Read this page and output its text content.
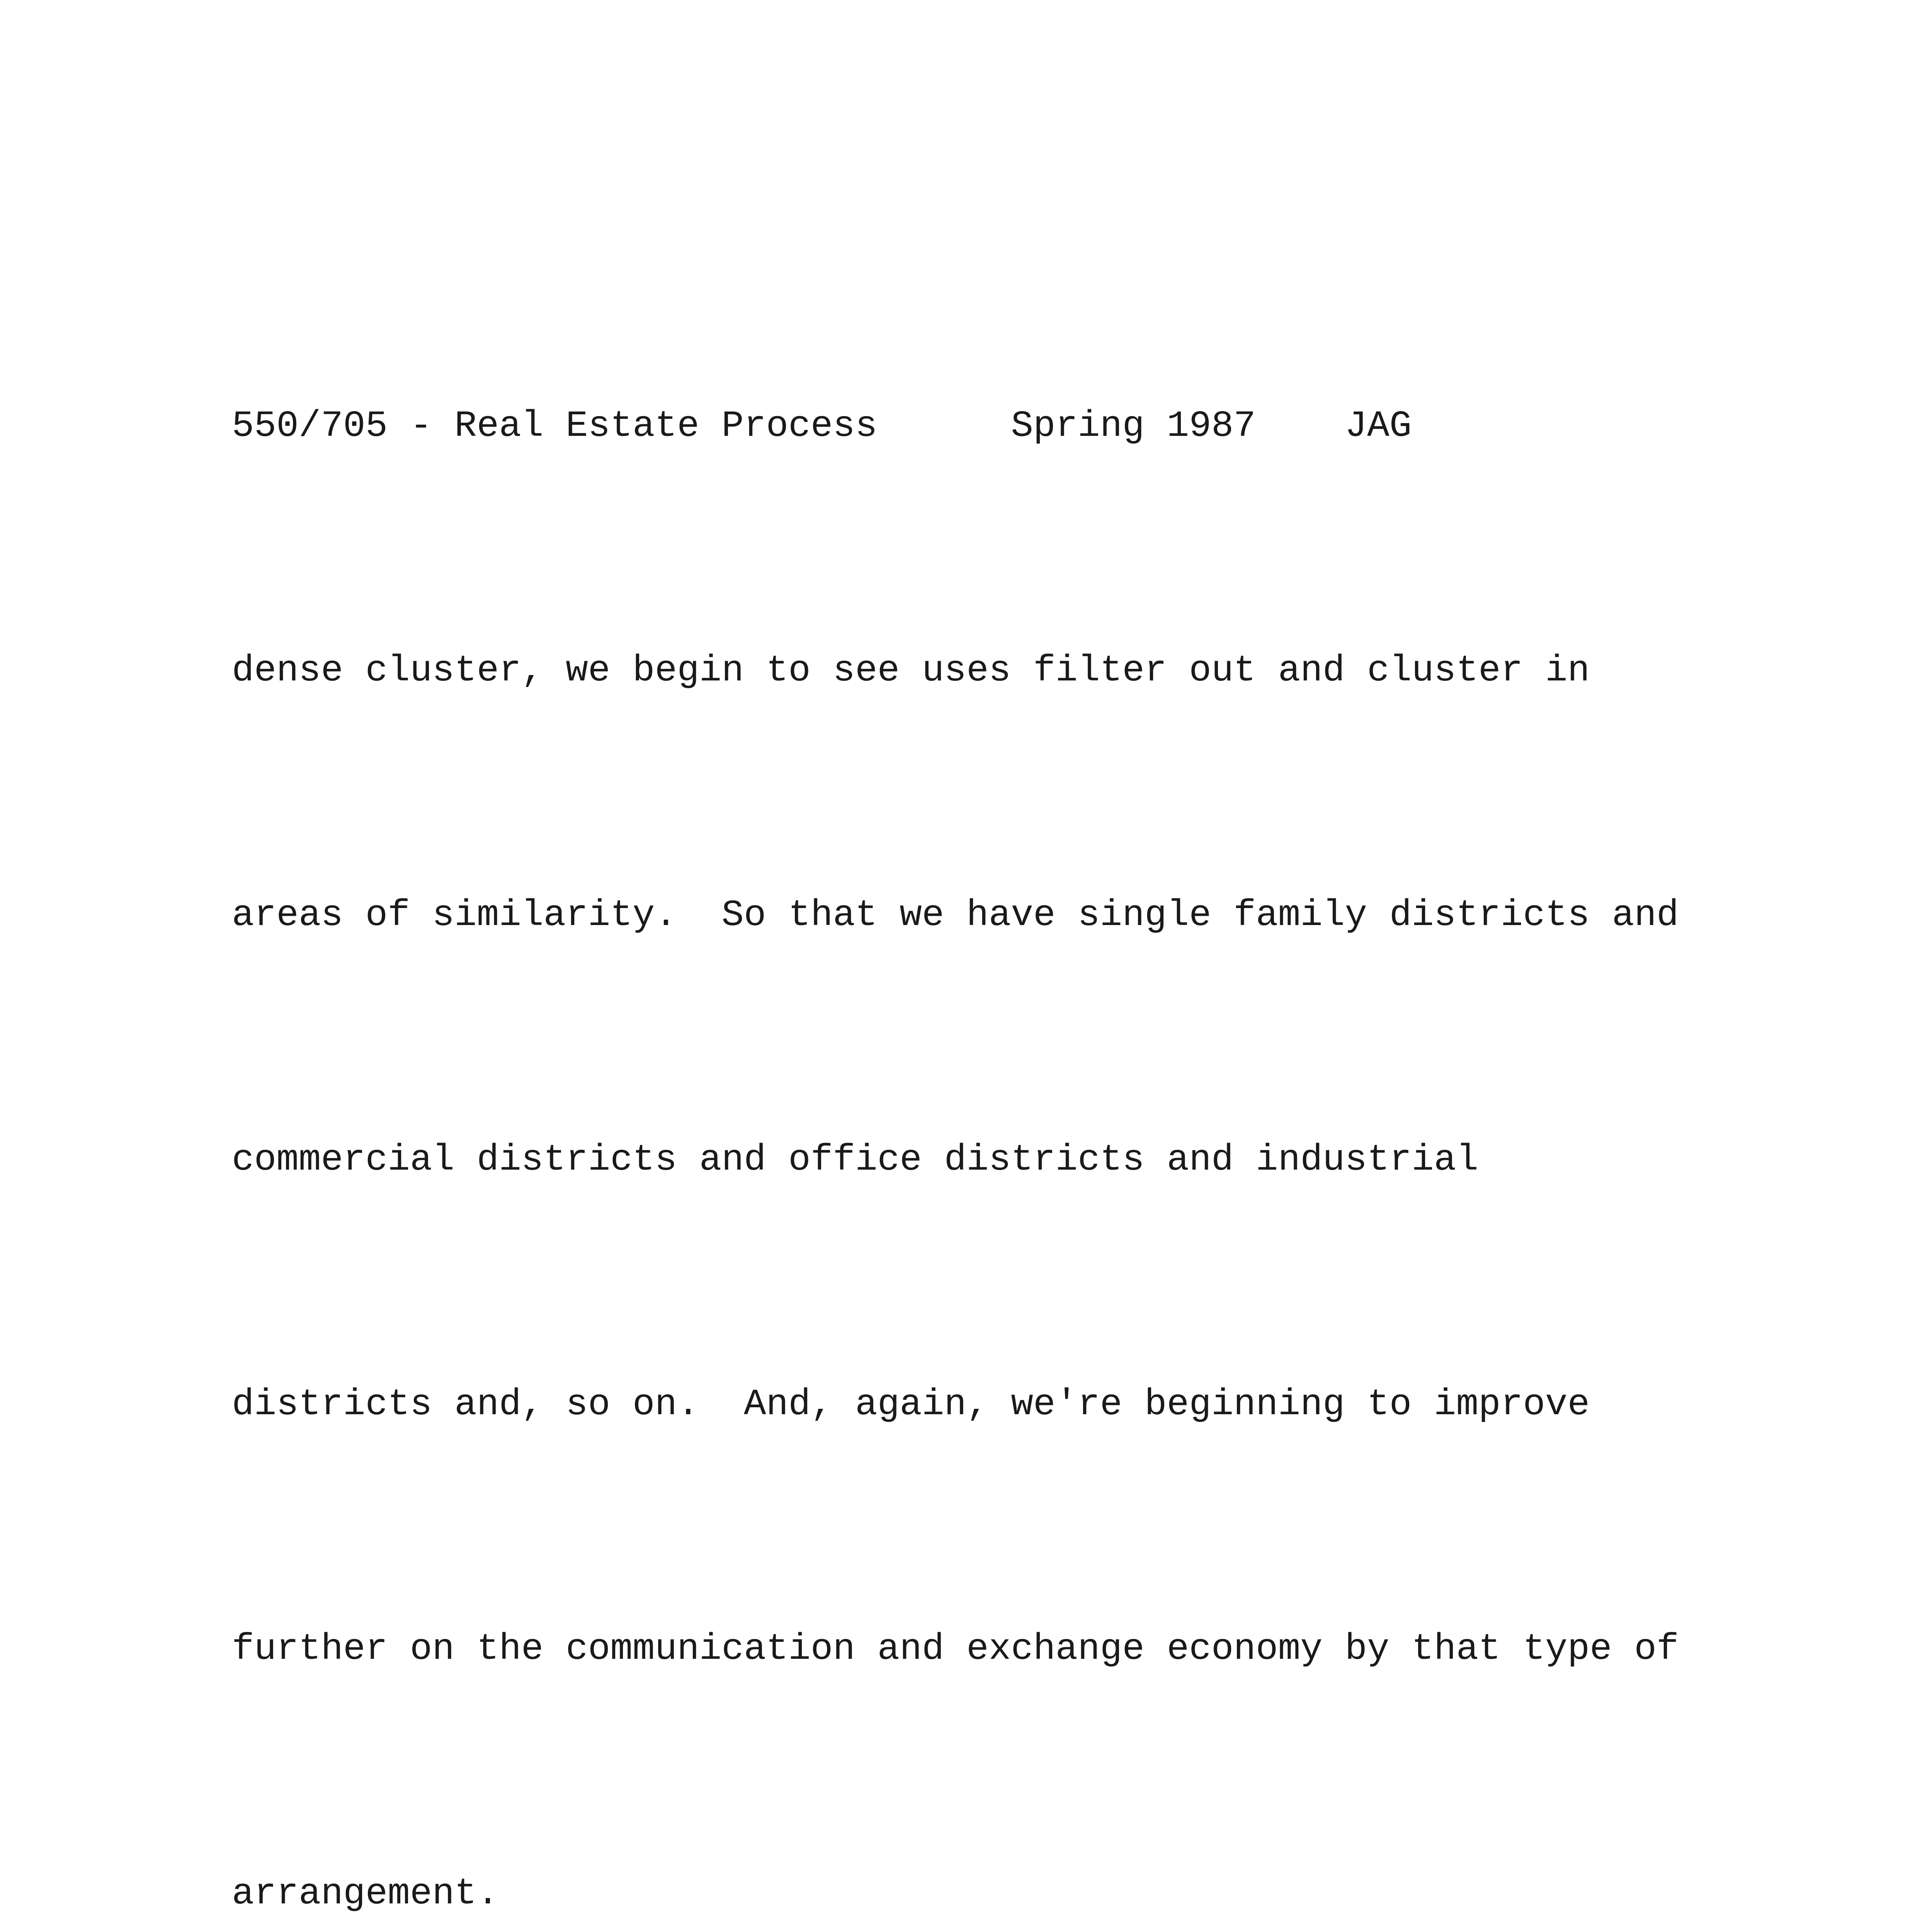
550/705 - Real Estate Process      Spring 1987    JAG

dense cluster, we begin to see uses filter out and cluster in

areas of similarity.  So that we have single family districts and

commercial districts and office districts and industrial

districts and, so on.  And, again, we're beginning to improve

further on the communication and exchange economy by that type of

arrangement.
